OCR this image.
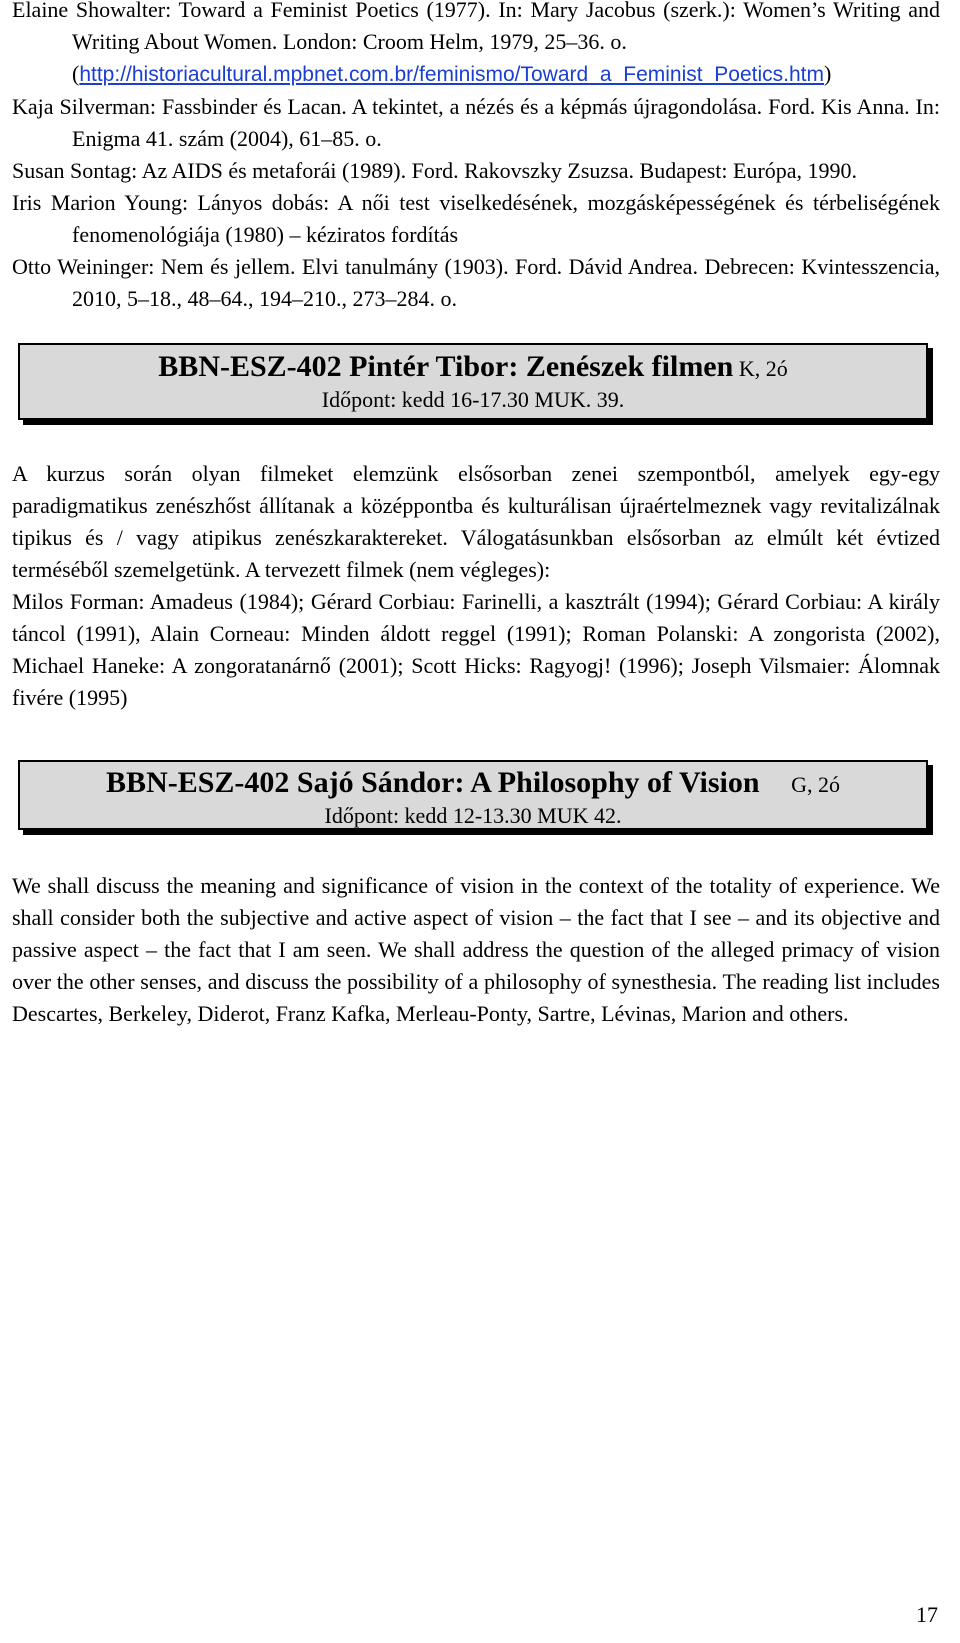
Elaine Showalter: Toward a Feminist Poetics (1977). In: Mary Jacobus (szerk.): Women’s Writing and Writing About Women. London: Croom Helm, 1979, 25–36. o.
(http://historiacultural.mpbnet.com.br/feminismo/Toward_a_Feminist_Poetics.htm)

Kaja Silverman: Fassbinder és Lacan. A tekintet, a nézés és a képmás újragondolása. Ford. Kis Anna. In: Enigma 41. szám (2004), 61–85. o.

Susan Sontag: Az AIDS és metaforái (1989). Ford. Rakovszky Zsuzsa. Budapest: Európa, 1990.

Iris Marion Young: Lányos dobás: A női test viselkedésének, mozgásképességének és térbeliségének fenomenológiája (1980) – kéziratos fordítás

Otto Weininger: Nem és jellem. Elvi tanulmány (1903). Ford. Dávid Andrea. Debrecen: Kvintesszencia, 2010, 5–18., 48–64., 194–210., 273–284. o.

BBN-ESZ-402 Pintér Tibor: Zenészek filmen K, 2ó
Időpont: kedd 16-17.30 MUK. 39.

A kurzus során olyan filmeket elemzünk elsősorban zenei szempontból, amelyek egy-egy paradigmatikus zenészhőst állítanak a középpontba és kulturálisan újraértelmeznek vagy revitalizálnak tipikus és / vagy atipikus zenészkaraktereket. Válogatásunkban elsősorban az elmúlt két évtized terméséből szemelgetünk. A tervezett filmek (nem végleges):

Milos Forman: Amadeus (1984); Gérard Corbiau: Farinelli, a kasztrált (1994); Gérard Corbiau: A király táncol (1991), Alain Corneau: Minden áldott reggel (1991); Roman Polanski: A zongorista (2002), Michael Haneke: A zongoratanárnő (2001); Scott Hicks: Ragyogj! (1996); Joseph Vilsmaier: Álomnak fivére (1995)

BBN-ESZ-402 Sajó Sándor: A Philosophy of Vision G, 2ó
Időpont: kedd 12-13.30 MUK 42.

We shall discuss the meaning and significance of vision in the context of the totality of experience. We shall consider both the subjective and active aspect of vision – the fact that I see – and its objective and passive aspect – the fact that I am seen. We shall address the question of the alleged primacy of vision over the other senses, and discuss the possibility of a philosophy of synesthesia. The reading list includes Descartes, Berkeley, Diderot, Franz Kafka, Merleau-Ponty, Sartre, Lévinas, Marion and others.

17
